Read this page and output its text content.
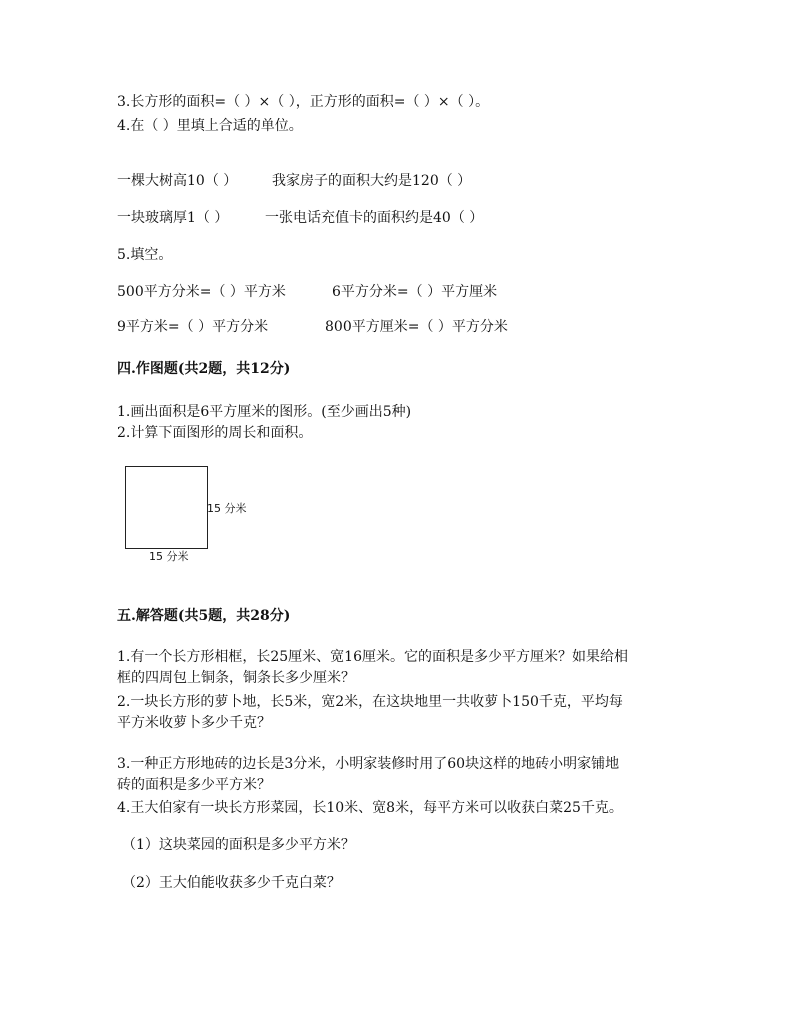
3.长方形的面积=（ ）×（ ），正方形的面积=（ ）×（ ）。
4.在（ ）里填上合适的单位。
一棵大树高10（ ） 我家房子的面积大约是120（ ）
一块玻璃厚1（ ）	一张电话充值卡的面积约是40（ ）
5.填空。
500平方分米=（ ）平方米	6平方分米=（ ）平方厘米
9平方米=（ ）平方分米	800平方厘米=（ ）平方分米
四.作图题(共2题，共12分)
1.画出面积是6平方厘米的图形。(至少画出5种)
2.计算下面图形的周长和面积。
15 分米
15 分米
五.解答题(共5题，共28分)
1.有一个长方形相框，长25厘米、宽16厘米。它的面积是多少平方厘米？如果给相
框的四周包上铜条，铜条长多少厘米？
2.一块长方形的萝卜地，长5米，宽2米，在这块地里一共收萝卜150千克，平均每
平方米收萝卜多少千克？
3.一种正方形地砖的边长是3分米，小明家装修时用了60块这样的地砖小明家铺地
砖的面积是多少平方米？
4.王大伯家有一块长方形菜园，长10米、宽8米，每平方米可以收获白菜25千克。
（1）这块菜园的面积是多少平方米？
（2）王大伯能收获多少千克白菜？
